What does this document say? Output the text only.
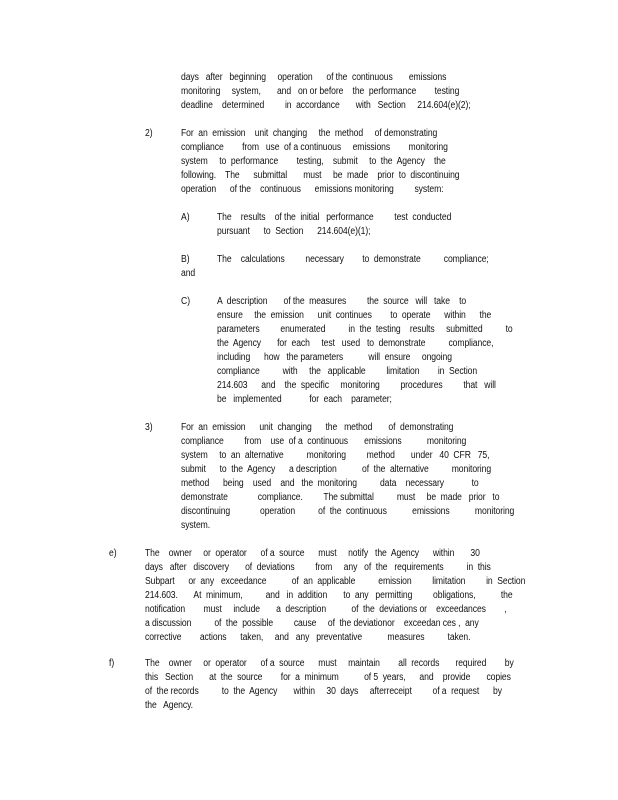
days   after   beginning     operation      of the  continuous       emissions
monitoring     system,       and   on or before    the  performance        testing
deadline    determined         in  accordance       with   Section     214.604(e)(2);
2)	For  an  emission    unit  changing     the  method     of demonstrating
compliance        from   use  of a continuous     emissions        monitoring
system     to  performance        testing,    submit     to  the  Agency    the
following.    The      submittal       must     be  made    prior  to  discontinuing
operation      of the    continuous      emissions monitoring         system:
A)	The    results    of the  initial   performance         test  conducted
pursuant      to  Section      214.604(e)(1);
B)	The    calculations         necessary        to  demonstrate          compliance;
and
C)	A  description       of the  measures         the  source   will   take    to
ensure     the  emission      unit  continues        to  operate      within      the
parameters         enumerated          in  the  testing    results     submitted          to
the  Agency       for  each     test   used   to  demonstrate          compliance,
including      how   the parameters           will  ensure     ongoing
compliance          with     the   applicable         limitation        in  Section
214.603      and    the  specific     monitoring         procedures         that   will
be   implemented            for  each    parameter;
3)	For  an  emission      unit  changing      the   method       of  demonstrating
compliance         from    use  of a  continuous       emissions           monitoring
system     to  an  alternative          monitoring         method       under   40  CFR   75,
submit      to  the  Agency      a description           of  the  alternative          monitoring
method      being    used    and   the  monitoring          data    necessary            to
demonstrate             compliance.         The submittal          must     be  made   prior   to
discontinuing             operation          of  the  continuous           emissions           monitoring
system.
e)	The    owner     or  operator      of a  source      must     notify   the  Agency      within       30
days   after   discovery       of  deviations         from     any   of  the   requirements          in  this
Subpart      or  any   exceedance           of  an  applicable          emission         limitation         in  Section
214.603.       At  minimum,          and   in  addition       to  any   permitting         obligations,           the
notification        must     include       a  description           of  the  deviations or    exceedances        ,
a discussion          of  the  possible         cause     of  the deviationor    exceedan ces ,  any
corrective        actions      taken,     and   any   preventative           measures          taken.
f)	The    owner     or  operator      of a  source      must     maintain        all  records       required        by
this   Section       at  the  source        for  a  minimum           of 5  years,      and    provide       copies
of  the records          to  the  Agency       within     30  days     afterreceipt         of a  request      by
the   Agency.
